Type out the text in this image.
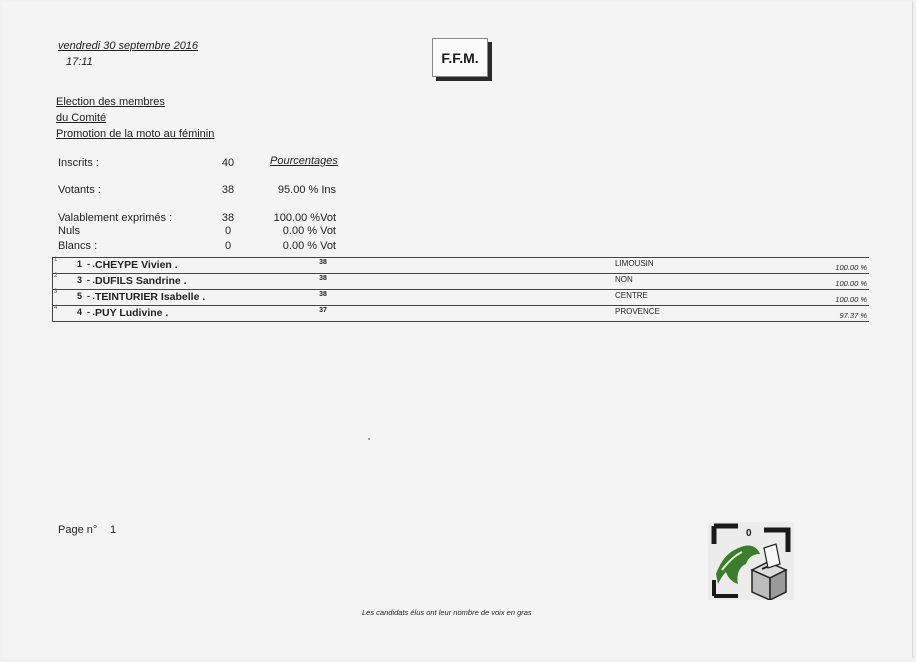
vendredi 30 septembre 2016
17:11	F.F.M.
Election des membres
du Comité
Promotion de la moto au féminin
Pourcentages
Inscrits :	40
Votants :	38	95.00 % Ins
Valablement exprimés :	38	100.00 %Vot
Nuls	0	0.00 % Vot
Blancs :	0	0.00 % Vot
1 1 - . CHEYPE Vivien .	38	LIMOUSIN	100.00 %
2 3 - . DUFILS Sandrine .	38	NON	100.00 %
3 5 - . TEINTURIER Isabelle .	38	CENTRE	100.00 %
4 4 - . PUY Ludivine .	37	PROVENCE	97.37 %
Page n° 1	0
Les candidats élus ont leur nombre de voix en gras
